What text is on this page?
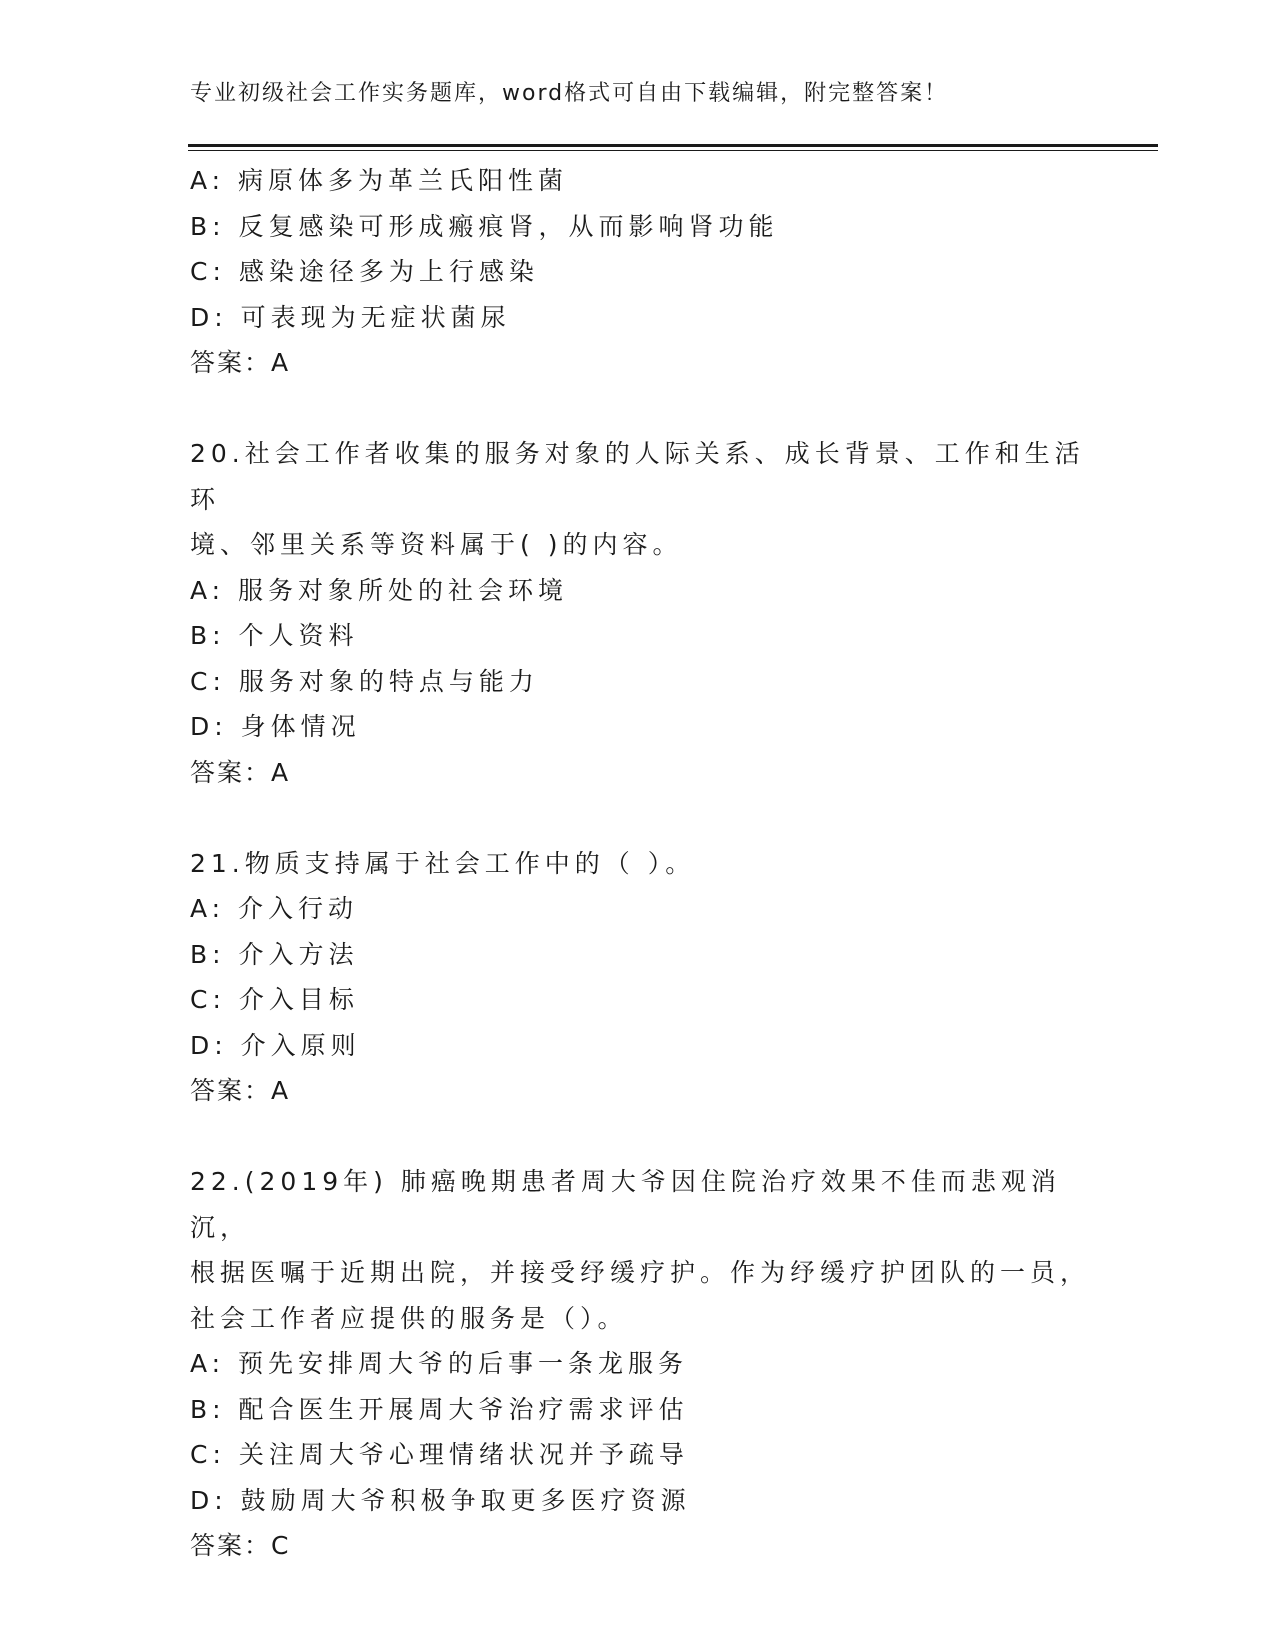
专业初级社会工作实务题库，word格式可自由下载编辑，附完整答案！
A: 病原体多为革兰氏阳性菌
B: 反复感染可形成瘢痕肾，从而影响肾功能
C: 感染途径多为上行感染
D: 可表现为无症状菌尿
答案：A
20.社会工作者收集的服务对象的人际关系、成长背景、工作和生活环
境、邻里关系等资料属于( )的内容。
A: 服务对象所处的社会环境
B: 个人资料
C: 服务对象的特点与能力
D: 身体情况
答案：A
21.物质支持属于社会工作中的（ ）。
A: 介入行动
B: 介入方法
C: 介入目标
D: 介入原则
答案：A
22.(2019年) 肺癌晚期患者周大爷因住院治疗效果不佳而悲观消沉，
根据医嘱于近期出院，并接受纾缓疗护。作为纾缓疗护团队的一员，
社会工作者应提供的服务是（）。
A: 预先安排周大爷的后事一条龙服务
B: 配合医生开展周大爷治疗需求评估
C: 关注周大爷心理情绪状况并予疏导
D: 鼓励周大爷积极争取更多医疗资源
答案：C
